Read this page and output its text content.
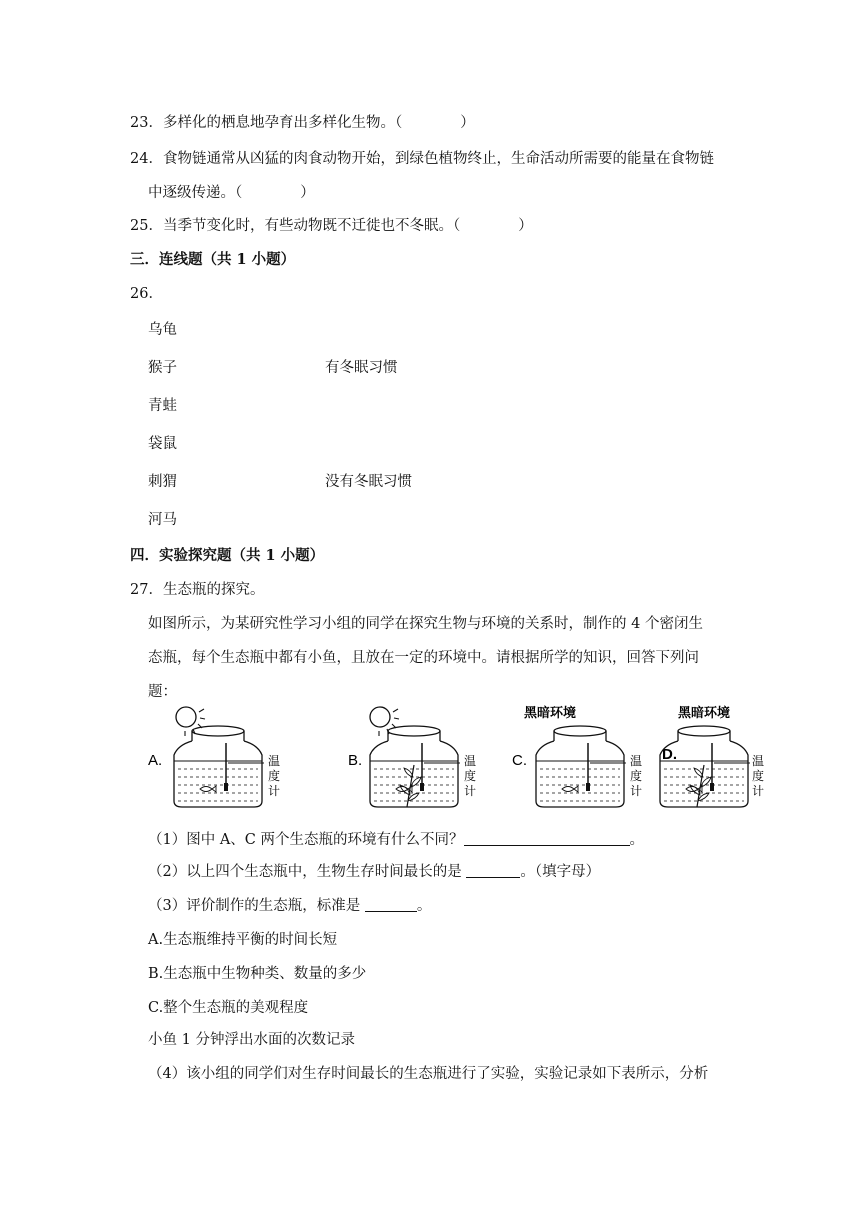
23．多样化的栖息地孕育出多样化生物。（　　　　）
24．食物链通常从凶猛的肉食动物开始，到绿色植物终止，生命活动所需要的能量在食物链
中逐级传递。（　　　　）
25．当季节变化时，有些动物既不迁徙也不冬眠。（　　　　）
三．连线题（共 1 小题）
26．
乌龟
猴子
青蛙
袋鼠
刺猬
河马
有冬眠习惯
没有冬眠习惯
四．实验探究题（共 1 小题）
27．生态瓶的探究。
如图所示，为某研究性学习小组的同学在探究生物与环境的关系时，制作的 4 个密闭生
态瓶，每个生态瓶中都有小鱼，且放在一定的环境中。请根据所学的知识，回答下列问
题：
A.	温
度
计
B.	温
度
计
黑暗环境
C.	温
度
计
黑暗环境
D.	温
度
计
（1）图中 A、C 两个生态瓶的环境有什么不同？	。
（2）以上四个生态瓶中，生物生存时间最长的是	。（填字母）
（3）评价制作的生态瓶，标准是	。
A.生态瓶维持平衡的时间长短
B.生态瓶中生物种类、数量的多少
C.整个生态瓶的美观程度
小鱼 1 分钟浮出水面的次数记录
（4）该小组的同学们对生存时间最长的生态瓶进行了实验，实验记录如下表所示，分析
